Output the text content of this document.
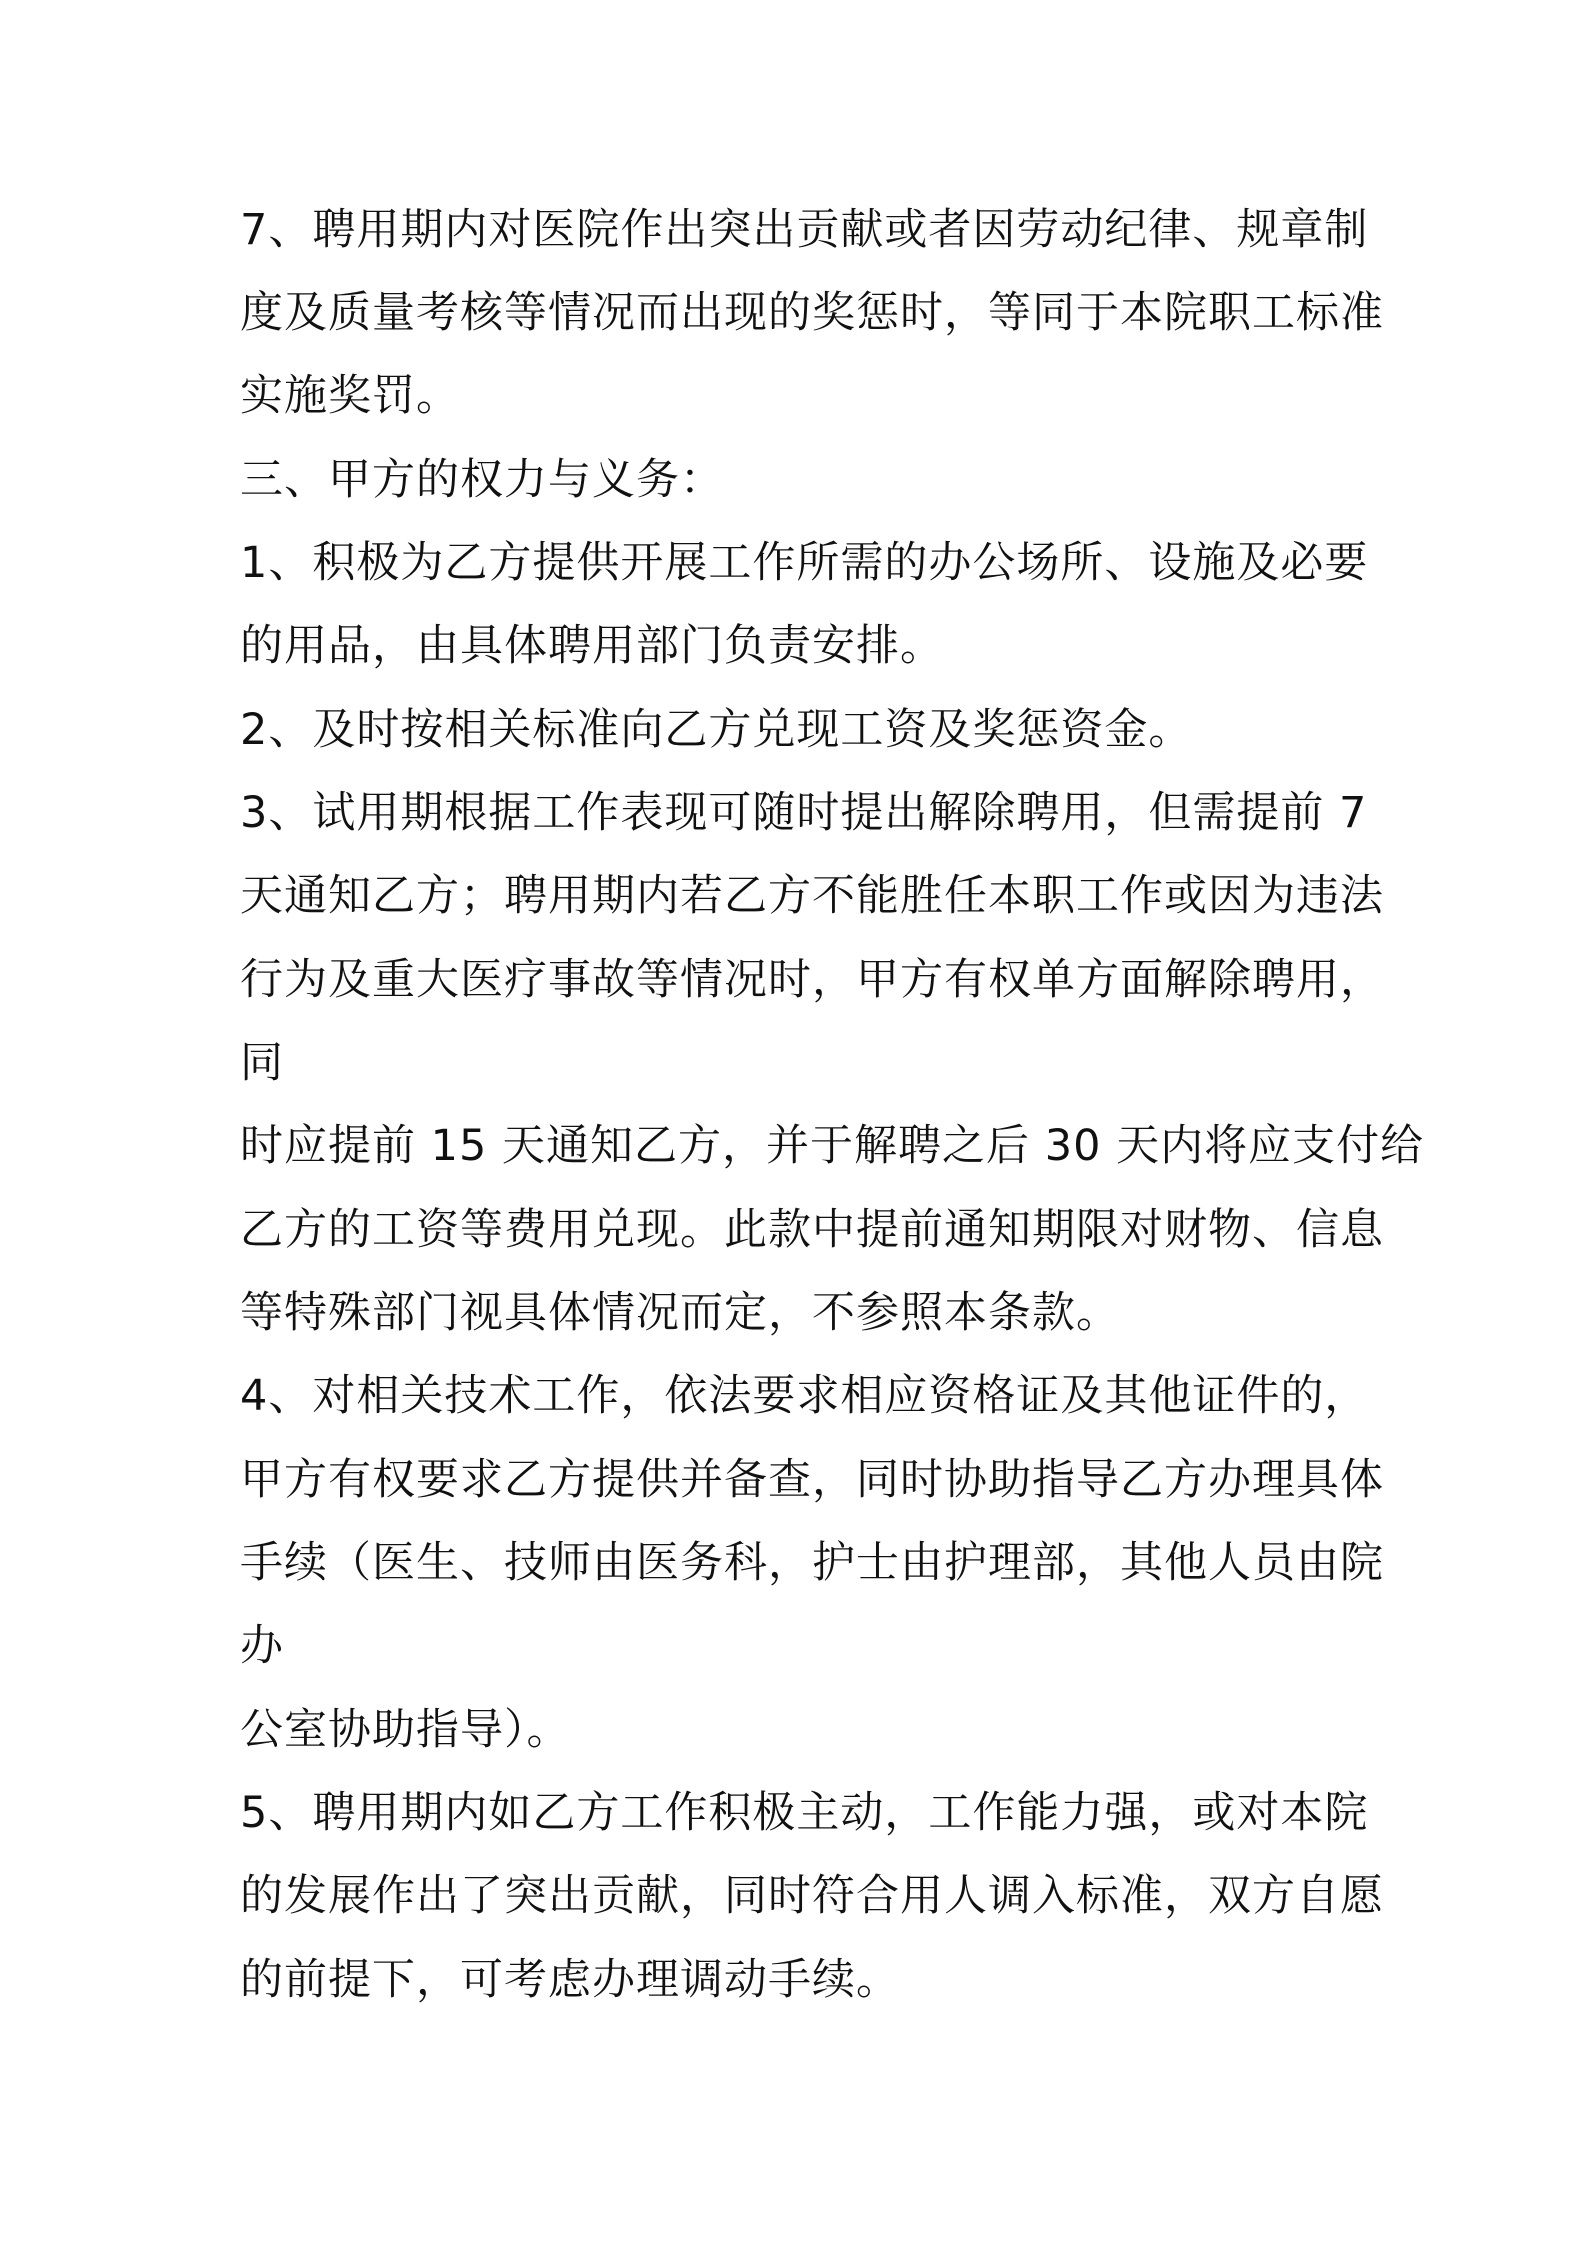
7、聘用期内对医院作出突出贡献或者因劳动纪律、规章制
度及质量考核等情况而出现的奖惩时，等同于本院职工标准
实施奖罚。
三、甲方的权力与义务：
1、积极为乙方提供开展工作所需的办公场所、设施及必要
的用品，由具体聘用部门负责安排。
2、及时按相关标准向乙方兑现工资及奖惩资金。
3、试用期根据工作表现可随时提出解除聘用，但需提前 7
天通知乙方；聘用期内若乙方不能胜任本职工作或因为违法
行为及重大医疗事故等情况时，甲方有权单方面解除聘用，
同
时应提前 15 天通知乙方，并于解聘之后 30 天内将应支付给
乙方的工资等费用兑现。此款中提前通知期限对财物、信息
等特殊部门视具体情况而定，不参照本条款。
4、对相关技术工作，依法要求相应资格证及其他证件的，
甲方有权要求乙方提供并备查，同时协助指导乙方办理具体
手续（医生、技师由医务科，护士由护理部，其他人员由院
办
公室协助指导）。
5、聘用期内如乙方工作积极主动，工作能力强，或对本院
的发展作出了突出贡献，同时符合用人调入标准，双方自愿
的前提下，可考虑办理调动手续。
